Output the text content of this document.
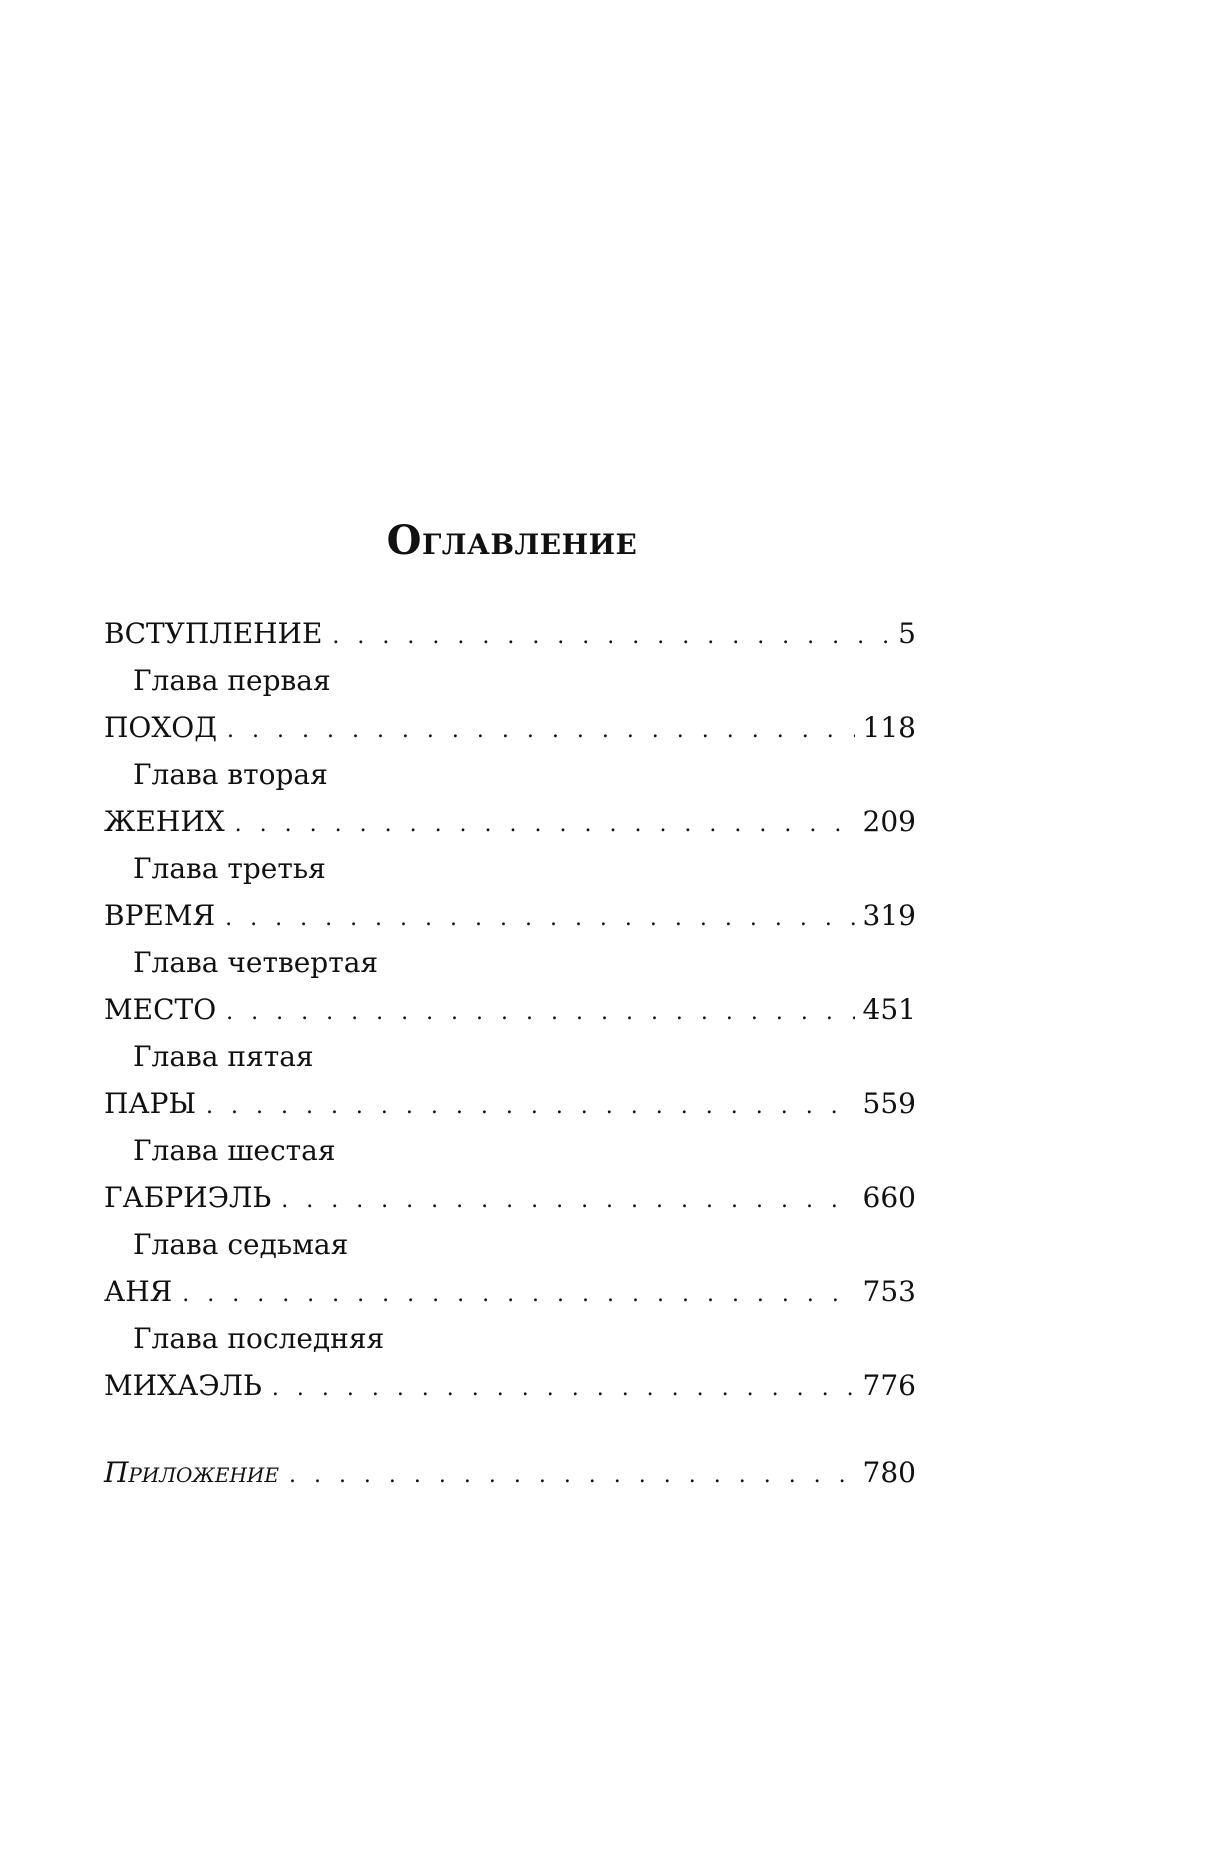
Оглавление
ВСТУПЛЕНИЕ . . .	5
Глава первая
ПОХОД . . .	118
Глава вторая
ЖЕНИХ . . .	209
Глава третья
ВРЕМЯ . . .	319
Глава четвертая
МЕСТО . . .	451
Глава пятая
ПАРЫ . . .	559
Глава шестая
ГАБРИЭЛЬ . . .	660
Глава седьмая
АНЯ . . .	753
Глава последняя
МИХАЭЛЬ . . .	776
Приложение . . .	780
